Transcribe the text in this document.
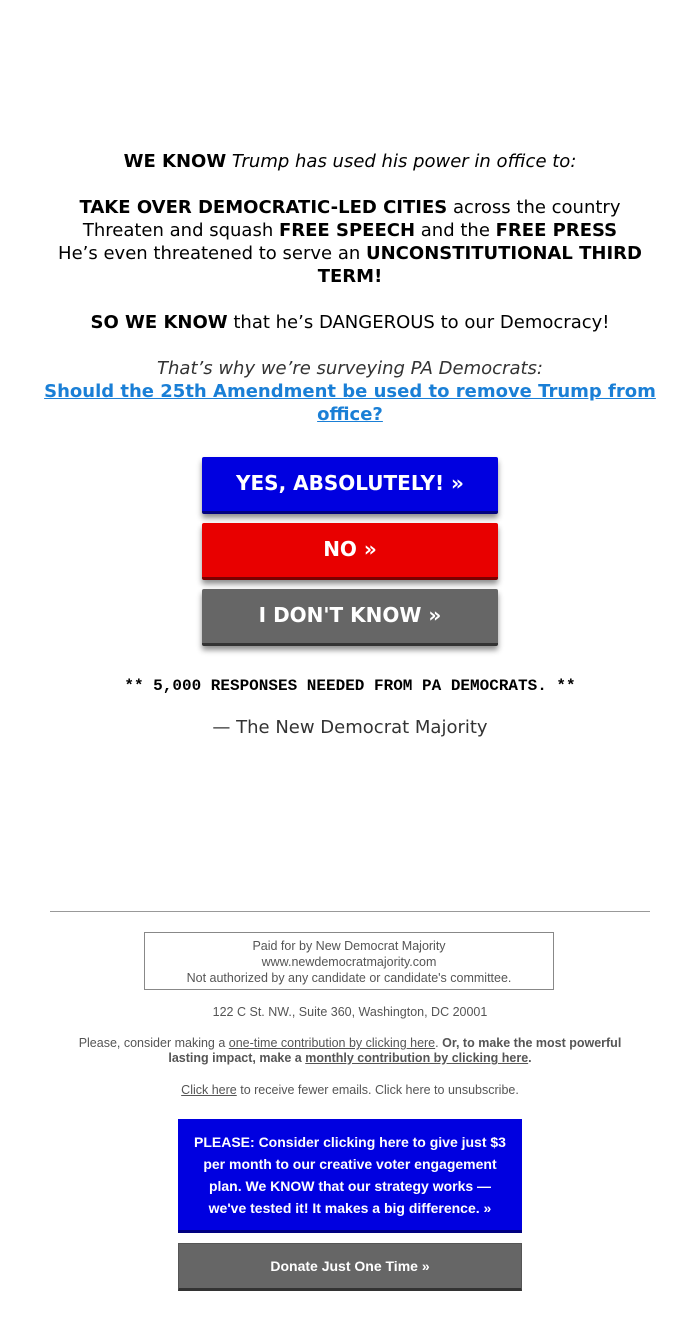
WE KNOW Trump has used his power in office to:

TAKE OVER DEMOCRATIC-LED CITIES across the country

Threaten and squash FREE SPEECH and the FREE PRESS

He’s even threatened to serve an UNCONSTITUTIONAL THIRD TERM!

SO WE KNOW that he’s DANGEROUS to our Democracy!

That’s why we’re surveying PA Democrats:
Should the 25th Amendment be used to remove Trump from office?
YES, ABSOLUTELY! »
NO »
I DON'T KNOW »
** 5,000 RESPONSES NEEDED FROM PA DEMOCRATS. **
— The New Democrat Majority
Paid for by New Democrat Majority
www.newdemocratmajority.com
Not authorized by any candidate or candidate's committee.
122 C St. NW., Suite 360, Washington, DC 20001
Please, consider making a one-time contribution by clicking here. Or, to make the most powerful lasting impact, make a monthly contribution by clicking here.
Click here to receive fewer emails. Click here to unsubscribe.
PLEASE: Consider clicking here to give just $3 per month to our creative voter engagement plan. We KNOW that our strategy works — we've tested it! It makes a big difference. »
Donate Just One Time »
